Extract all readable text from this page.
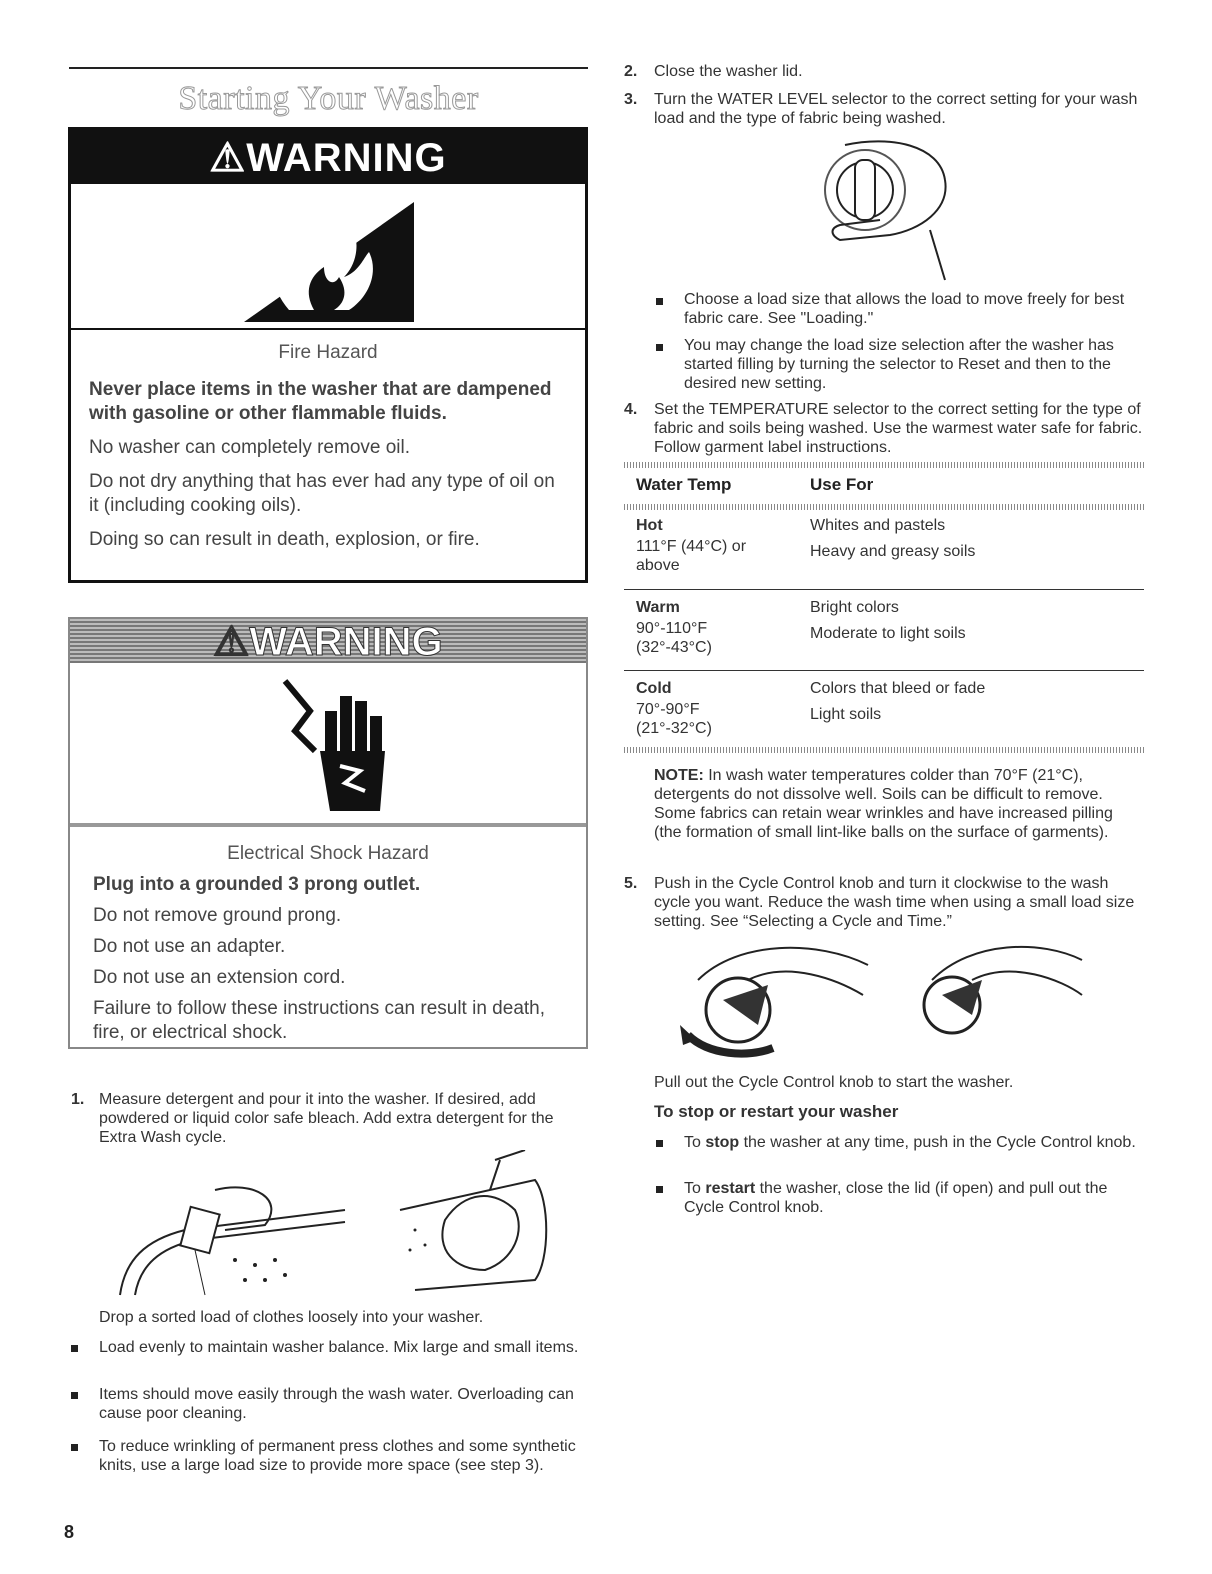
Starting Your Washer
⚠WARNING
Fire Hazard
Never place items in the washer that are dampened with gasoline or other flammable fluids.
No washer can completely remove oil.
Do not dry anything that has ever had any type of oil on it (including cooking oils).
Doing so can result in death, explosion, or fire.
⚠WARNING
Electrical Shock Hazard
Plug into a grounded 3 prong outlet.
Do not remove ground prong.
Do not use an adapter.
Do not use an extension cord.
Failure to follow these instructions can result in death, fire, or electrical shock.
1. Measure detergent and pour it into the washer. If desired, add powdered or liquid color safe bleach. Add extra detergent for the Extra Wash cycle.
Drop a sorted load of clothes loosely into your washer.
Load evenly to maintain washer balance. Mix large and small items.
Items should move easily through the wash water. Overloading can cause poor cleaning.
To reduce wrinkling of permanent press clothes and some synthetic knits, use a large load size to provide more space (see step 3).
8
2. Close the washer lid.
3. Turn the WATER LEVEL selector to the correct setting for your wash load and the type of fabric being washed.
Choose a load size that allows the load to move freely for best fabric care. See "Loading."
You may change the load size selection after the washer has started filling by turning the selector to Reset and then to the desired new setting.
4. Set the TEMPERATURE selector to the correct setting for the type of fabric and soils being washed. Use the warmest water safe for fabric. Follow garment label instructions.
Water Temp	Use For
Hot
111°F (44°C) or above
Whites and pastels
Heavy and greasy soils
Warm
90°-110°F (32°-43°C)
Bright colors
Moderate to light soils
Cold
70°-90°F (21°-32°C)
Colors that bleed or fade
Light soils
NOTE: In wash water temperatures colder than 70°F (21°C), detergents do not dissolve well. Soils can be difficult to remove. Some fabrics can retain wear wrinkles and have increased pilling (the formation of small lint-like balls on the surface of garments).
5. Push in the Cycle Control knob and turn it clockwise to the wash cycle you want. Reduce the wash time when using a small load size setting. See “Selecting a Cycle and Time.”
Pull out the Cycle Control knob to start the washer.
To stop or restart your washer
To stop the washer at any time, push in the Cycle Control knob.
To restart the washer, close the lid (if open) and pull out the Cycle Control knob.
